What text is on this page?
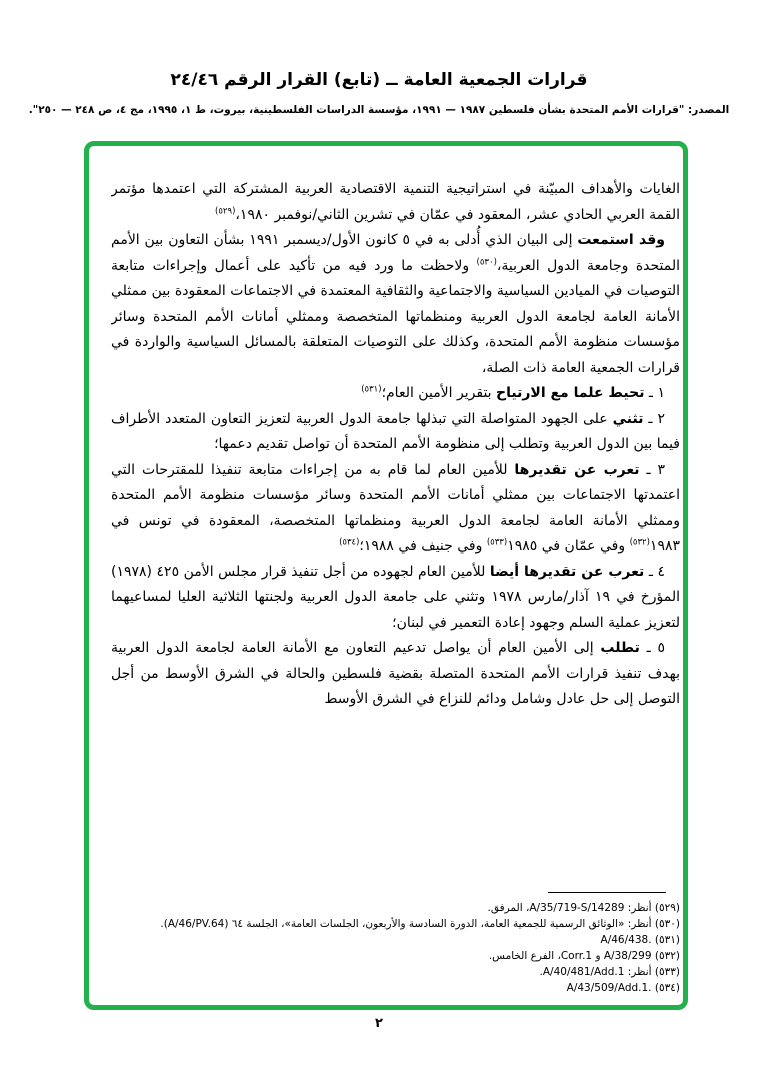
قرارات الجمعية العامة ــ (تابع) القرار الرقم ٢٤/٤٦
المصدر: "قرارات الأمم المتحدة بشأن فلسطين ١٩٨٧ — ١٩٩١، مؤسسة الدراسات الفلسطينية، بيروت، ط ١، ١٩٩٥، مج ٤، ص ٢٤٨ — ٢٥٠".

الغايات والأهداف المبيّنة في استراتيجية التنمية الاقتصادية العربية المشتركة التي اعتمدها مؤتمر القمة العربي الحادي عشر، المعقود في عمّان في تشرين الثاني/نوفمبر ١٩٨٠،$^{(٥٢٩)}$

وقد استمعت إلى البيان الذي أُدلى به في ٥ كانون الأول/ديسمبر ١٩٩١ بشأن التعاون بين الأمم المتحدة وجامعة الدول العربية،$^{(٥٣٠)}$ ولاحظت ما ورد فيه من تأكيد على أعمال وإجراءات متابعة التوصيات في الميادين السياسية والاجتماعية والثقافية المعتمدة في الاجتماعات المعقودة بين ممثلي الأمانة العامة لجامعة الدول العربية ومنظماتها المتخصصة وممثلي أمانات الأمم المتحدة وسائر مؤسسات منظومة الأمم المتحدة، وكذلك على التوصيات المتعلقة بالمسائل السياسية والواردة في قرارات الجمعية العامة ذات الصلة،

١ ـ تحيط علما مع الارتياح بتقرير الأمين العام؛$^{(٥٣١)}$

٢ ـ تثني على الجهود المتواصلة التي تبذلها جامعة الدول العربية لتعزيز التعاون المتعدد الأطراف فيما بين الدول العربية وتطلب إلى منظومة الأمم المتحدة أن تواصل تقديم دعمها؛

٣ ـ تعرب عن تقديرها للأمين العام لما قام به من إجراءات متابعة تنفيذا للمقترحات التي اعتمدتها الاجتماعات بين ممثلي أمانات الأمم المتحدة وسائر مؤسسات منظومة الأمم المتحدة وممثلي الأمانة العامة لجامعة الدول العربية ومنظماتها المتخصصة، المعقودة في تونس في ١٩٨٣$^{(٥٣٢)}$ وفي عمّان في ١٩٨٥$^{(٥٣٣)}$ وفي جنيف في ١٩٨٨؛$^{(٥٣٤)}$

٤ ـ تعرب عن تقديرها أيضا للأمين العام لجهوده من أجل تنفيذ قرار مجلس الأمن ٤٢٥ (١٩٧٨) المؤرخ في ١٩ آذار/مارس ١٩٧٨ وتثني على جامعة الدول العربية ولجنتها الثلاثية العليا لمساعيهما لتعزيز عملية السلم وجهود إعادة التعمير في لبنان؛

٥ ـ تطلب إلى الأمين العام أن يواصل تدعيم التعاون مع الأمانة العامة لجامعة الدول العربية بهدف تنفيذ قرارات الأمم المتحدة المتصلة بقضية فلسطين والحالة في الشرق الأوسط من أجل التوصل إلى حل عادل وشامل ودائم للنزاع في الشرق الأوسط

(٥٢٩) أنظر: A/35/719-S/14289، المرفق.
(٥٣٠) أنظر: «الوثائق الرسمية للجمعية العامة، الدورة السادسة والأربعون، الجلسات العامة»، الجلسة ٦٤ (A/46/PV.64).
(٥٣١) A/46/438.‎
(٥٣٢) A/38/299 و Corr.1، الفرع الخامس.
(٥٣٣) أنظر: A/40/481/Add.1.
(٥٣٤) A/43/509/Add.1.‎
٢
